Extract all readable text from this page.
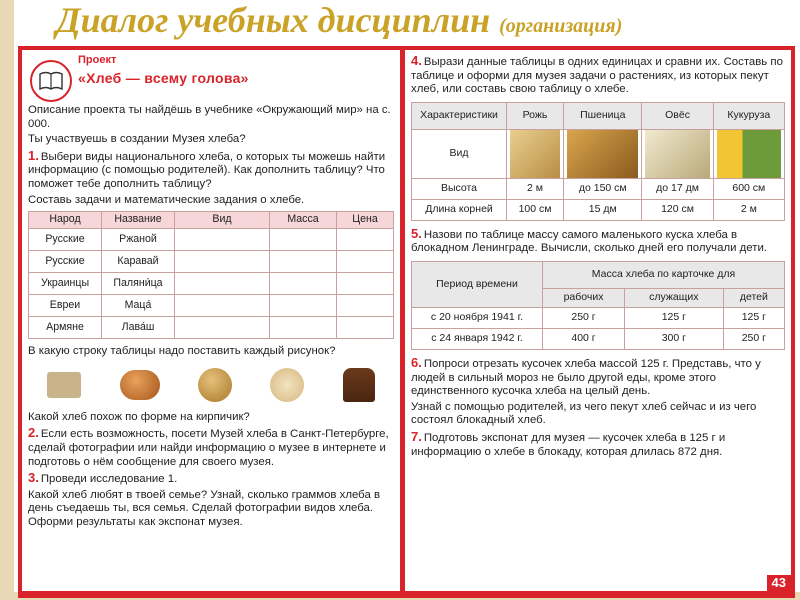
Диалог учебных дисциплин (организация)
Проект
«Хлеб — всему голова»

Описание проекта ты найдёшь в учебнике «Окружающий мир» на с. 000.

Ты участвуешь в создании Музея хлеба?

1. Выбери виды национального хлеба, о которых ты можешь найти информацию (с помощью родителей). Как дополнить таблицу? Что поможет тебе дополнить таблицу?

Составь задачи и математические задания о хлебе.

Народ	Название	Вид	Масса	Цена
Русские	Ржаной			
Русские	Каравай			
Украинцы	Паляни́ца			
Евреи	Маца́			
Армяне	Лава́ш			

В какую строку таблицы надо поставить каждый рисунок?

Какой хлеб похож по форме на кирпичик?

2. Если есть возможность, посети Музей хлеба в Санкт-Петербурге, сделай фотографии или найди информацию о музее в интернете и подготовь о нём сообщение для своего музея.

3. Проведи исследование 1.

Какой хлеб любят в твоей семье? Узнай, сколько граммов хлеба в день съедаешь ты, вся семья. Сделай фотографии видов хлеба. Оформи результаты как экспонат музея.

4. Вырази данные таблицы в одних единицах и сравни их. Составь по таблице и оформи для музея задачи о растениях, из которых пекут хлеб, или составь свою таблицу о хлебе.

Характеристики	Рожь	Пшеница	Овёс	Кукуруза
Вид	

Высота	2 м	до 150 см	до 17 дм	600 см
Длина корней	100 см	15 дм	120 см	2 м

5. Назови по таблице массу самого маленького куска хлеба в блокадном Ленинграде. Вычисли, сколько дней его получали дети.

Период времени	Масса хлеба по карточке для		
	рабочих	служащих	детей
с 20 ноября 1941 г.	250 г	125 г	125 г
с 24 января 1942 г.	400 г	300 г	250 г

6. Попроси отрезать кусочек хлеба массой 125 г. Представь, что у людей в сильный мороз не было другой еды, кроме этого единственного кусочка хлеба на целый день.

Узнай с помощью родителей, из чего пекут хлеб сейчас и из чего состоял блокадный хлеб.

7. Подготовь экспонат для музея — кусочек хлеба в 125 г и информацию о хлебе в блокаду, которая длилась 872 дня.

43
